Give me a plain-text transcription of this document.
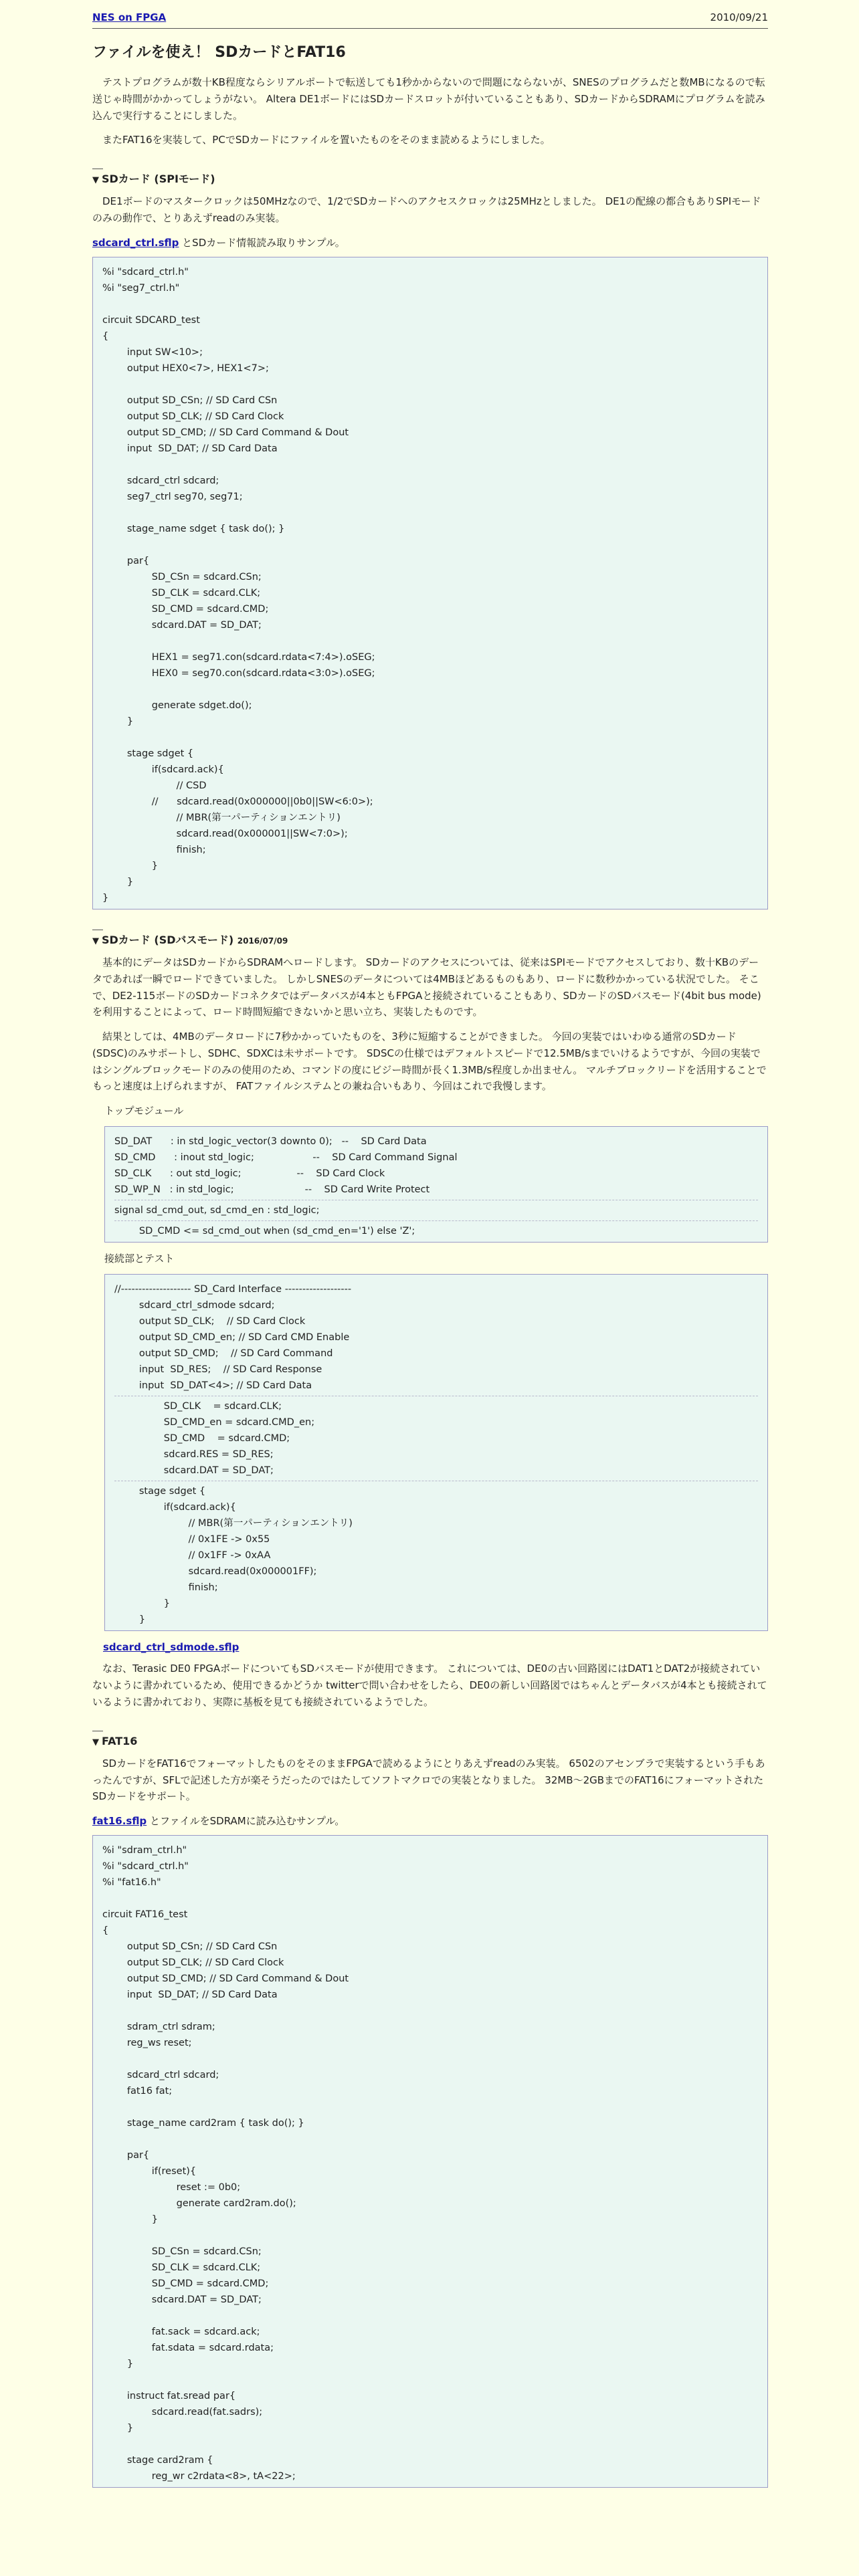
NES on FPGA	2010/09/21
ファイルを使え！ SDカードとFAT16

テストプログラムが数十KB程度ならシリアルポートで転送しても1秒かからないので問題にならないが、SNESのプログラムだと数MBになるので転送じゃ時間がかかってしょうがない。 Altera DE1ボードにはSDカードスロットが付いていることもあり、SDカードからSDRAMにプログラムを読み込んで実行することにしました。

またFAT16を実装して、PCでSDカードにファイルを置いたものをそのまま読めるようにしました。

▼ SDカード (SPIモード)

DE1ボードのマスタークロックは50MHzなので、1/2でSDカードへのアクセスクロックは25MHzとしました。 DE1の配線の都合もありSPIモードのみの動作で、とりあえずreadのみ実装。

sdcard_ctrl.sflp とSDカード情報読み取りサンプル。
%i "sdcard_ctrl.h"
%i "seg7_ctrl.h"
circuit SDCARD_test
{
input SW<10>;
output HEX0<7>, HEX1<7>;
output SD_CSn; // SD Card CSn
output SD_CLK; // SD Card Clock
output SD_CMD; // SD Card Command & Dout
input  SD_DAT; // SD Card Data
sdcard_ctrl sdcard;
seg7_ctrl seg70, seg71;
stage_name sdget { task do(); }
par{
SD_CSn = sdcard.CSn;
SD_CLK = sdcard.CLK;
SD_CMD = sdcard.CMD;
sdcard.DAT = SD_DAT;
HEX1 = seg71.con(sdcard.rdata<7:4>).oSEG;
HEX0 = seg70.con(sdcard.rdata<3:0>).oSEG;
generate sdget.do();
}
stage sdget {
if(sdcard.ack){
// CSD
//      sdcard.read(0x000000||0b0||SW<6:0>);
// MBR(第一パーティションエントリ)
sdcard.read(0x000001||SW<7:0>);
finish;
}
}
}
▼ SDカード (SDバスモード) 2016/07/09

基本的にデータはSDカードからSDRAMへロードします。 SDカードのアクセスについては、従来はSPIモードでアクセスしており、数十KBのデータであれば一瞬でロードできていました。 しかしSNESのデータについては4MBほどあるものもあり、ロードに数秒かかっている状況でした。 そこで、DE2-115ボードのSDカードコネクタではデータバスが4本ともFPGAと接続されていることもあり、SDカードのSDバスモード(4bit bus mode)を利用することによって、ロード時間短縮できないかと思い立ち、実装したものです。

結果としては、4MBのデータロードに7秒かかっていたものを、3秒に短縮することができました。 今回の実装ではいわゆる通常のSDカード(SDSC)のみサポートし、SDHC、SDXCは未サポートです。 SDSCの仕様ではデフォルトスピードで12.5MB/sまでいけるようですが、今回の実装ではシングルブロックモードのみの使用のため、コマンドの度にビジー時間が長く1.3MB/s程度しか出ません。 マルチブロックリードを活用することでもっと速度は上げられますが、 FATファイルシステムとの兼ね合いもあり、今回はこれで我慢します。

トップモジュール
SD_DAT      : in std_logic_vector(3 downto 0);   --    SD Card Data
SD_CMD      : inout std_logic;                   --    SD Card Command Signal
SD_CLK      : out std_logic;                  --    SD Card Clock
SD_WP_N   : in std_logic;                       --    SD Card Write Protect
signal sd_cmd_out, sd_cmd_en : std_logic;
SD_CMD <= sd_cmd_out when (sd_cmd_en='1') else 'Z';
接続部とテスト
//-------------------- SD_Card Interface -------------------
sdcard_ctrl_sdmode sdcard;
output SD_CLK;    // SD Card Clock
output SD_CMD_en; // SD Card CMD Enable
output SD_CMD;    // SD Card Command
input  SD_RES;    // SD Card Response
input  SD_DAT<4>; // SD Card Data
SD_CLK    = sdcard.CLK;
SD_CMD_en = sdcard.CMD_en;
SD_CMD    = sdcard.CMD;
sdcard.RES = SD_RES;
sdcard.DAT = SD_DAT;
stage sdget {
if(sdcard.ack){
// MBR(第一パーティションエントリ)
// 0x1FE -> 0x55
// 0x1FF -> 0xAA
sdcard.read(0x000001FF);
finish;
}
}
sdcard_ctrl_sdmode.sflp

なお、Terasic DE0 FPGAボードについてもSDバスモードが使用できます。 これについては、DE0の古い回路図にはDAT1とDAT2が接続されていないように書かれているため、使用できるかどうか twitterで問い合わせをしたら、DE0の新しい回路図ではちゃんとデータバスが4本とも接続されているように書かれており、実際に基板を見ても接続されているようでした。

▼ FAT16

SDカードをFAT16でフォーマットしたものをそのままFPGAで読めるようにとりあえずreadのみ実装。 6502のアセンブラで実装するという手もあったんですが、SFLで記述した方が楽そうだったのではたしてソフトマクロでの実装となりました。 32MB〜2GBまでのFAT16にフォーマットされたSDカードをサポート。

fat16.sflp とファイルをSDRAMに読み込むサンプル。
%i "sdram_ctrl.h"
%i "sdcard_ctrl.h"
%i "fat16.h"
circuit FAT16_test
{
output SD_CSn; // SD Card CSn
output SD_CLK; // SD Card Clock
output SD_CMD; // SD Card Command & Dout
input  SD_DAT; // SD Card Data
sdram_ctrl sdram;
reg_ws reset;
sdcard_ctrl sdcard;
fat16 fat;
stage_name card2ram { task do(); }
par{
if(reset){
reset := 0b0;
generate card2ram.do();
}
SD_CSn = sdcard.CSn;
SD_CLK = sdcard.CLK;
SD_CMD = sdcard.CMD;
sdcard.DAT = SD_DAT;
fat.sack = sdcard.ack;
fat.sdata = sdcard.rdata;
}
instruct fat.sread par{
sdcard.read(fat.sadrs);
}
stage card2ram {
reg_wr c2rdata<8>, tA<22>;
